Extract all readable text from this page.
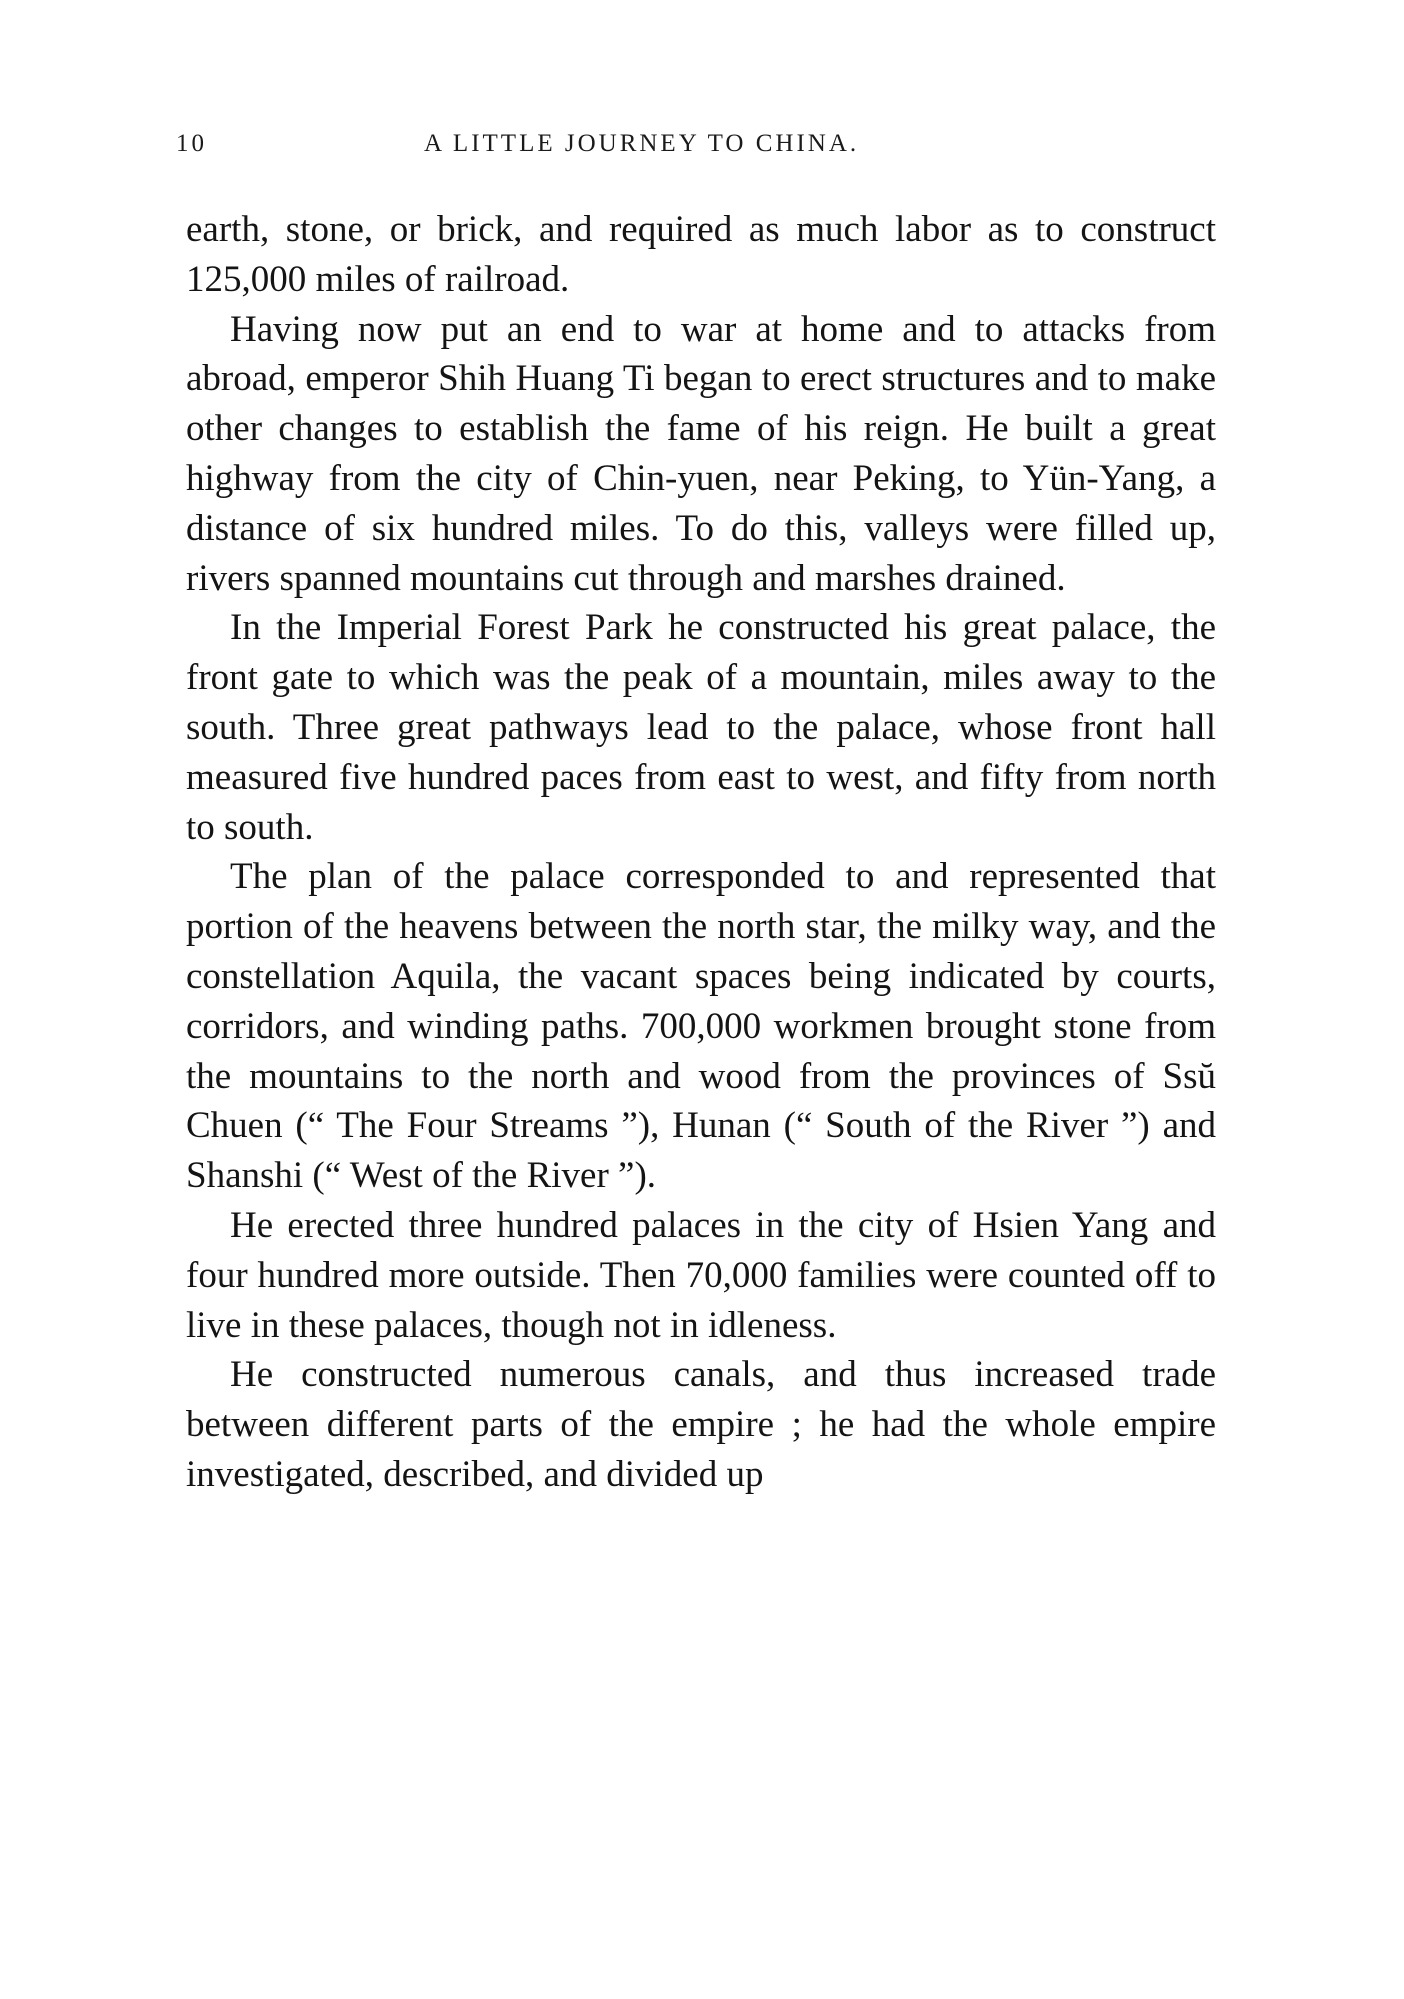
10	A LITTLE JOURNEY TO CHINA.

earth, stone, or brick, and required as much labor as to construct 125,000 miles of railroad.

Having now put an end to war at home and to attacks from abroad, emperor Shih Huang Ti began to erect structures and to make other changes to establish the fame of his reign. He built a great highway from the city of Chin-yuen, near Peking, to Yün-Yang, a distance of six hundred miles. To do this, valleys were filled up, rivers spanned mountains cut through and marshes drained.

In the Imperial Forest Park he constructed his great palace, the front gate to which was the peak of a mountain, miles away to the south. Three great pathways lead to the palace, whose front hall measured five hundred paces from east to west, and fifty from north to south.

The plan of the palace corresponded to and represented that portion of the heavens between the north star, the milky way, and the constellation Aquila, the vacant spaces being indicated by courts, corridors, and winding paths. 700,000 workmen brought stone from the mountains to the north and wood from the provinces of Ssŭ Chuen (“ The Four Streams ”), Hunan (“ South of the River ”) and Shanshi (“ West of the River ”).

He erected three hundred palaces in the city of Hsien Yang and four hundred more outside. Then 70,000 families were counted off to live in these palaces, though not in idleness.

He constructed numerous canals, and thus increased trade between different parts of the empire ; he had the whole empire investigated, described, and divided up
